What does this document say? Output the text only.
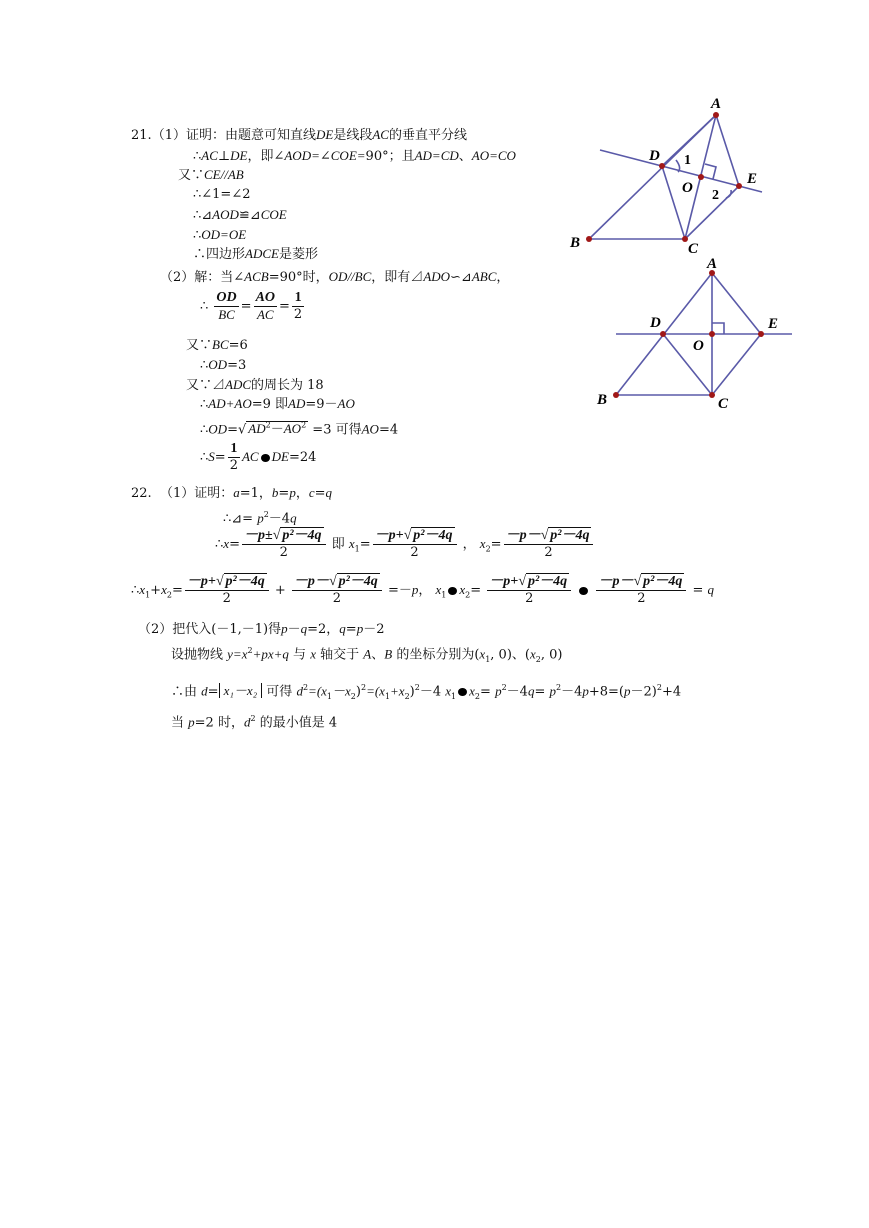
A
D
O
E
B	C
1
2
A
D
O
E
B	C
21.（1）证明：由题意可知直线DE是线段AC的垂直平分线
∴AC⊥DE，即∠AOD=∠COE=90°；且AD=CD、AO=CO
又∵CE//AB
∴∠1=∠2
∴⊿AOD≌⊿COE
∴OD=OE
∴四边形ADCE是菱形
（2）解：当∠ACB=90°时，OD//BC，即有⊿ADO∽⊿ABC，
∴ $\frac{OD}{BC} = \frac{AO}{AC} = \frac{1}{2}$
又∵BC=6
∴OD=3
又∵⊿ADC的周长为 18
∴AD+AO=9 即AD=9－AO
∴OD=√ $AD^2-AO^2 =3$ 可得AO=4
∴S= $\frac{1}{2}$ AC DE=24
22. （1）证明：a=1，b=p，c=q
∴⊿= $p^2-4q$
∴x= $\frac{\text{－p±√ p²－4q}}{2}$ 即 $x_1= \frac{\text{－p+√ p²－4q}}{2}$ ， $x_2= \frac{\text{－p－√ p²－4q}}{2}$
$\therefore x_1+x_2= \frac{\text{－p+√ p²－4q}}{2} + \frac{\text{－p－√ p²－4q}}{2} =-p$， $x_1$ $x_2= \frac{\text{－p+√ p²－4q}}{2}$
$\frac{\text{－p－√ p²－4q}}{2} = q$
（2）把代入(－1,－1)得p－q=2，q=p－2
设抛物线 $y=x^2+px+q$ 与 x 轴交于 A、B 的坐标分别为($x_1$, 0)、($x_2$, 0)
∴由 d= x₁－x₂ 可得 $d^2=(x_1-x_2)^2=(x_1+x_2)^2-4$ $x_1$ $x_2= p^2-4q= p^2-4p+8=(p-2)^2+4$
当 p=2 时，$d^2$ 的最小值是 4
